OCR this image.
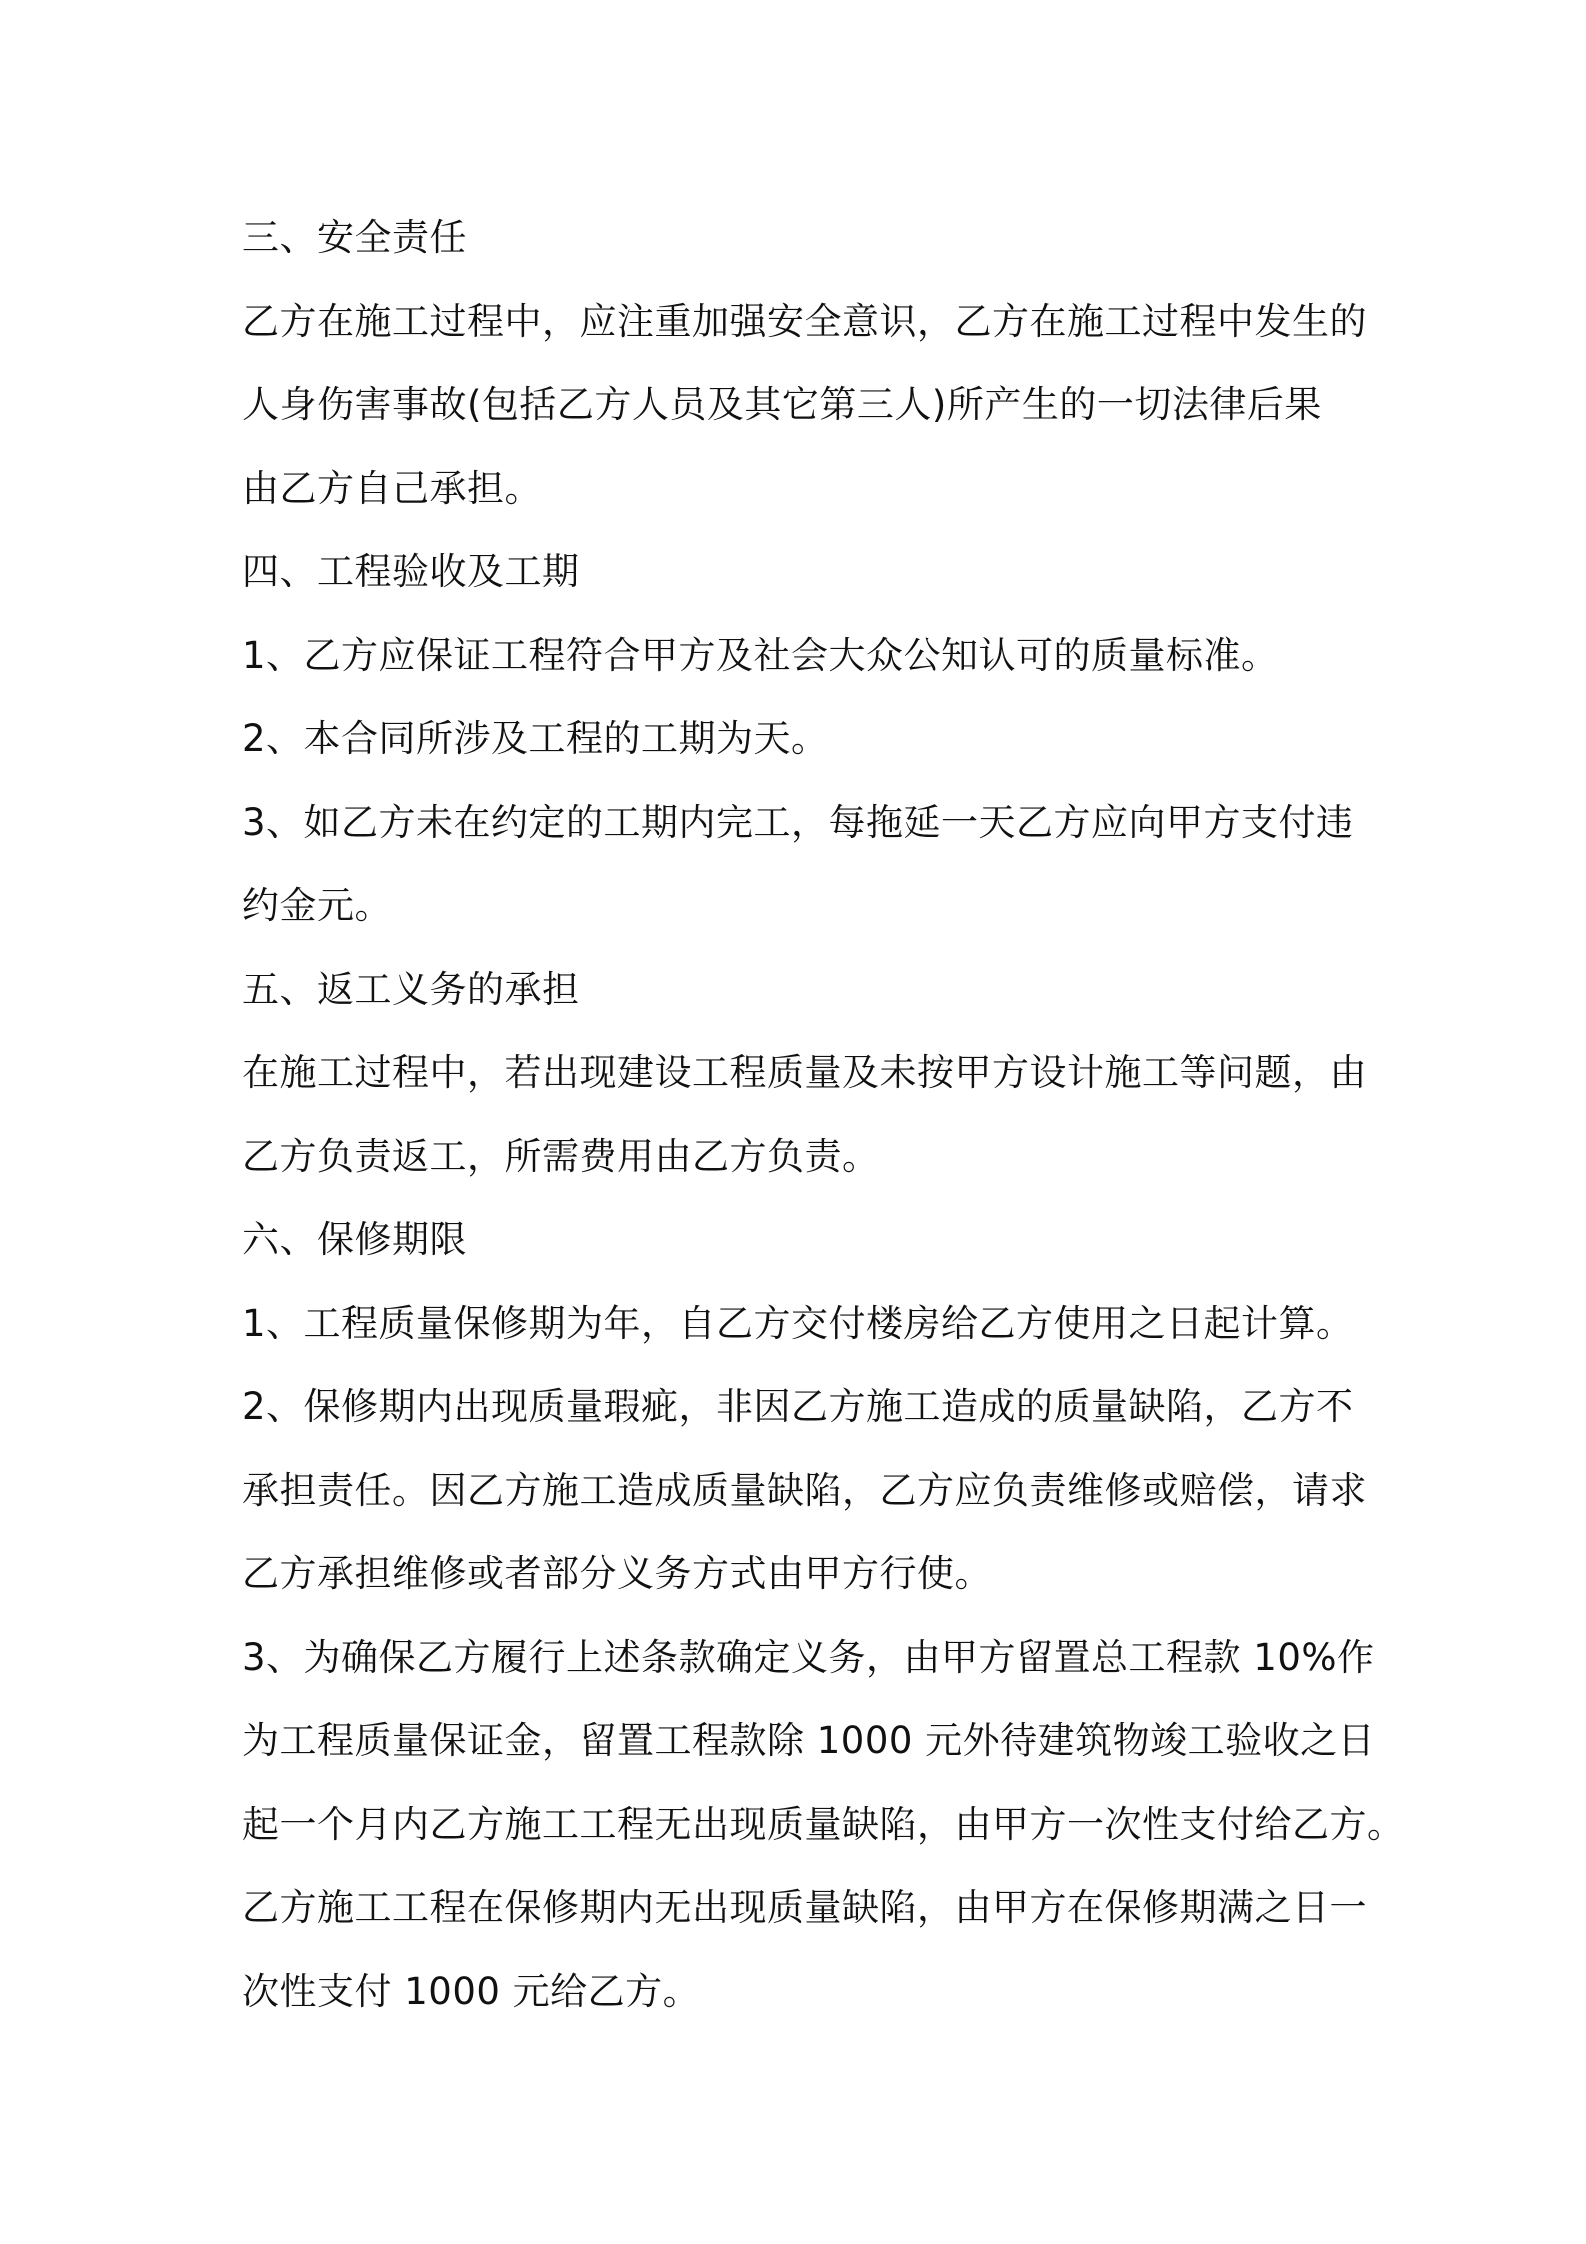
三、安全责任
乙方在施工过程中，应注重加强安全意识，乙方在施工过程中发生的
人身伤害事故(包括乙方人员及其它第三人)所产生的一切法律后果
由乙方自己承担。
四、工程验收及工期
1、乙方应保证工程符合甲方及社会大众公知认可的质量标准。
2、本合同所涉及工程的工期为天。
3、如乙方未在约定的工期内完工，每拖延一天乙方应向甲方支付违
约金元。
五、返工义务的承担
在施工过程中，若出现建设工程质量及未按甲方设计施工等问题，由
乙方负责返工，所需费用由乙方负责。
六、保修期限
1、工程质量保修期为年，自乙方交付楼房给乙方使用之日起计算。
2、保修期内出现质量瑕疵，非因乙方施工造成的质量缺陷，乙方不
承担责任。因乙方施工造成质量缺陷，乙方应负责维修或赔偿，请求
乙方承担维修或者部分义务方式由甲方行使。
3、为确保乙方履行上述条款确定义务，由甲方留置总工程款 10%作
为工程质量保证金，留置工程款除 1000 元外待建筑物竣工验收之日
起一个月内乙方施工工程无出现质量缺陷，由甲方一次性支付给乙方。
乙方施工工程在保修期内无出现质量缺陷，由甲方在保修期满之日一
次性支付 1000 元给乙方。
